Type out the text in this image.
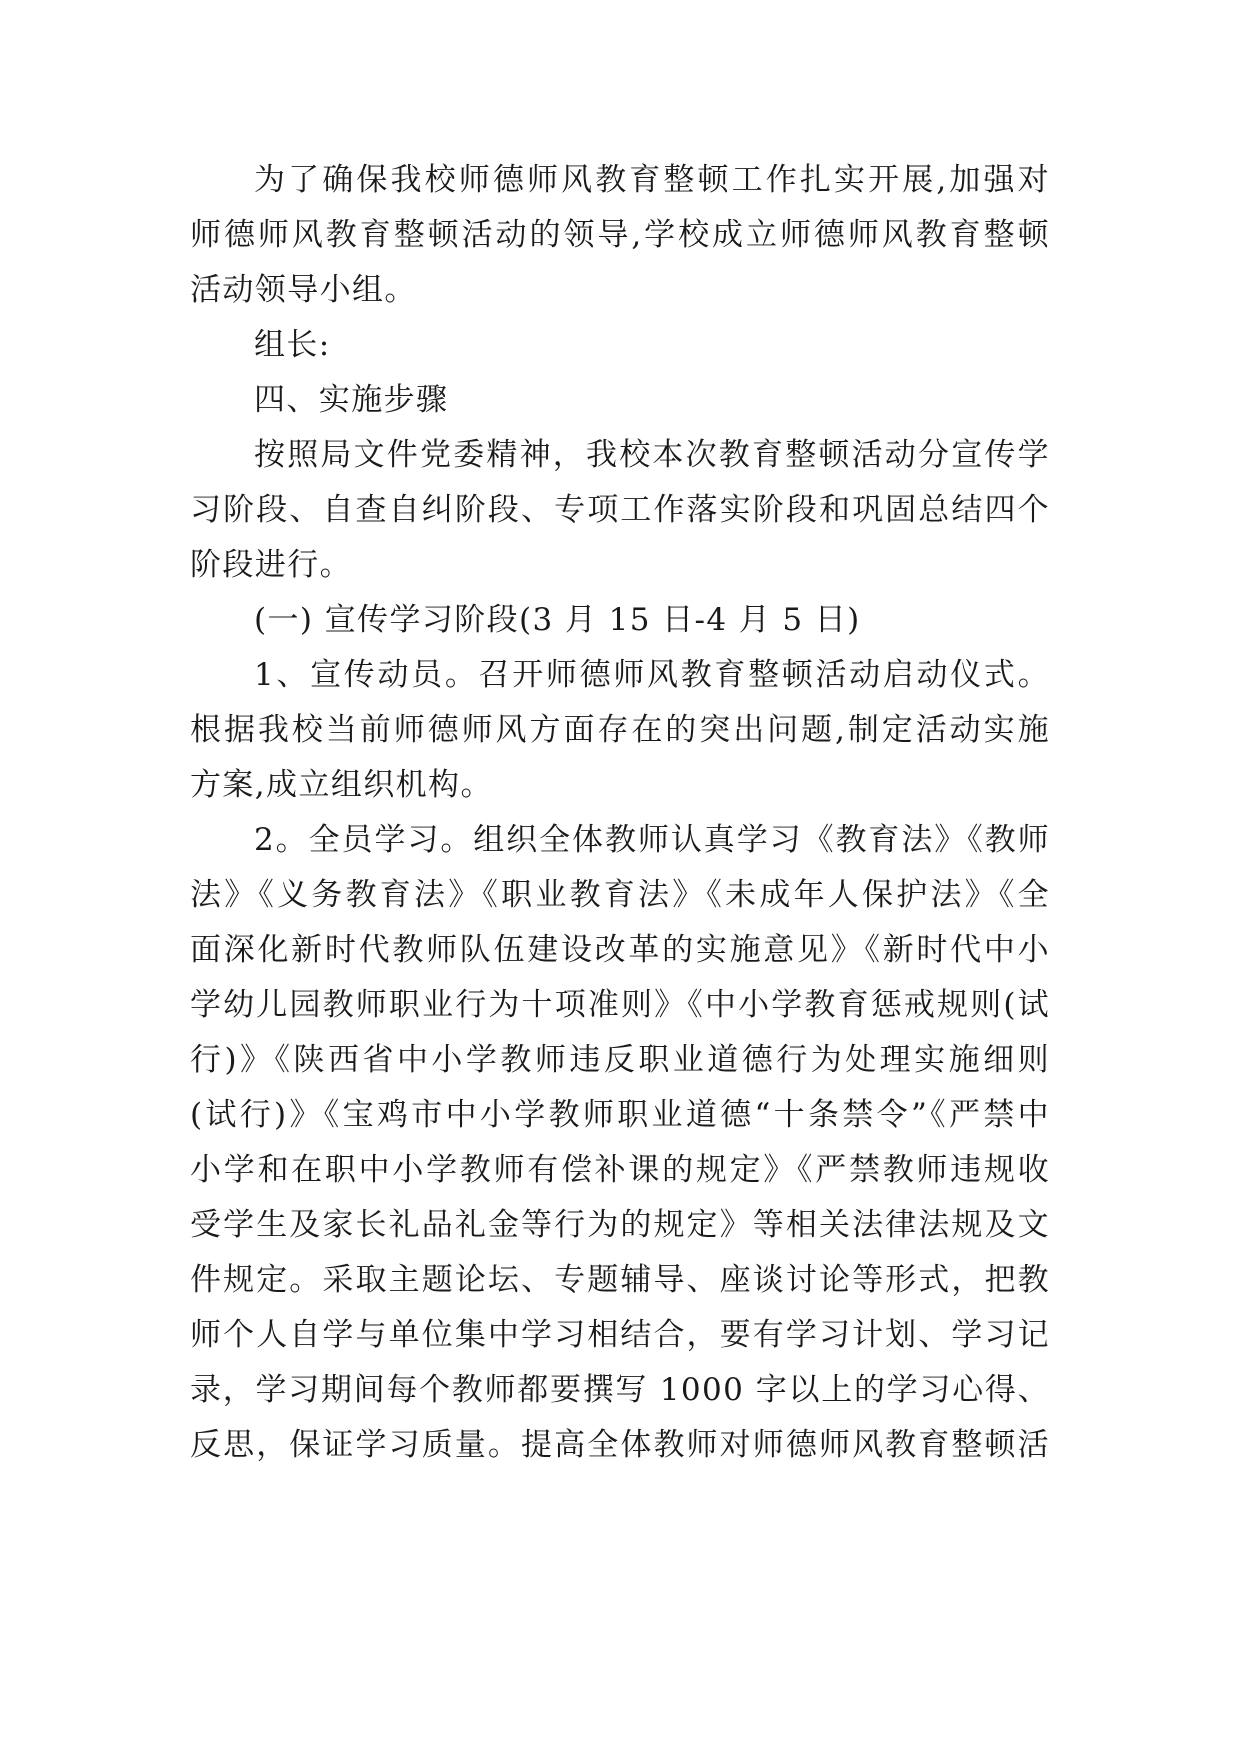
为了确保我校师德师风教育整顿工作扎实开展,加强对
师德师风教育整顿活动的领导,学校成立师德师风教育整顿
活动领导小组。
组长:
四、实施步骤
按照局文件党委精神，我校本次教育整顿活动分宣传学
习阶段、自查自纠阶段、专项工作落实阶段和巩固总结四个
阶段进行。
(一) 宣传学习阶段(3 月 15 日-4 月 5 日)
1、宣传动员。召开师德师风教育整顿活动启动仪式。
根据我校当前师德师风方面存在的突出问题,制定活动实施
方案,成立组织机构。
2。全员学习。组织全体教师认真学习《教育法》《教师
法》《义务教育法》《职业教育法》《未成年人保护法》《全
面深化新时代教师队伍建设改革的实施意见》《新时代中小
学幼儿园教师职业行为十项准则》《中小学教育惩戒规则(试
行)》《陕西省中小学教师违反职业道德行为处理实施细则
(试行)》《宝鸡市中小学教师职业道德“十条禁令”《严禁中
小学和在职中小学教师有偿补课的规定》《严禁教师违规收
受学生及家长礼品礼金等行为的规定》等相关法律法规及文
件规定。采取主题论坛、专题辅导、座谈讨论等形式，把教
师个人自学与单位集中学习相结合，要有学习计划、学习记
录，学习期间每个教师都要撰写 1000 字以上的学习心得、
反思，保证学习质量。提高全体教师对师德师风教育整顿活
